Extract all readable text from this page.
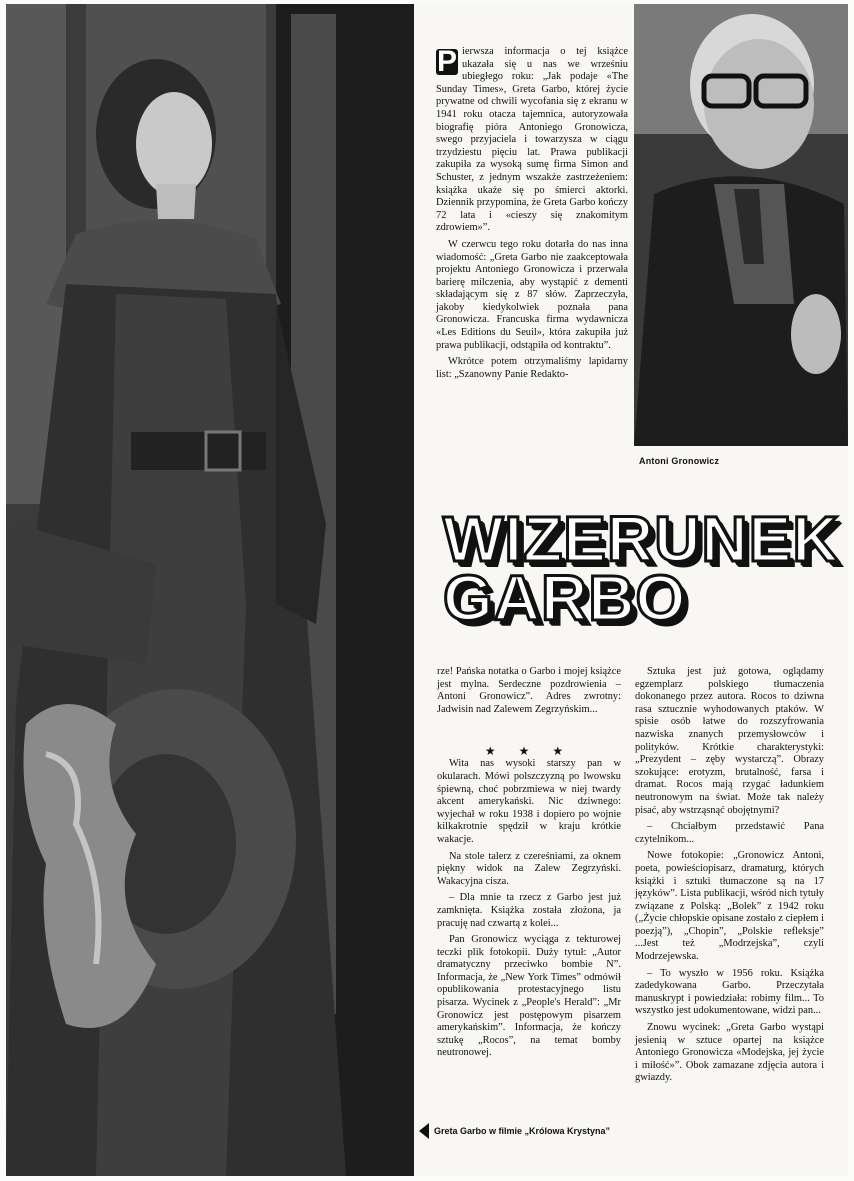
Antoni Gronowicz

P ierwsza informacja o tej książce ukazała się u nas we wrześniu ubiegłego roku: „Jak podaje «The Sunday Times», Greta Garbo, której życie prywatne od chwili wycofania się z ekranu w 1941 roku otacza tajemnica, autoryzowała biografię pióra Antoniego Gronowicza, swego przyjaciela i towarzysza w ciągu trzydziestu pięciu lat. Prawa publikacji zakupiła za wysoką sumę firma Simon and Schuster, z jednym wszakże zastrzeżeniem: książka ukaże się po śmierci aktorki. Dziennik przypomina, że Greta Garbo kończy 72 lata i «cieszy się znakomitym zdrowiem»”.

W czerwcu tego roku dotarła do nas inna wiadomość: „Greta Garbo nie zaakceptowała projektu Antoniego Gronowicza i przerwała barierę milczenia, aby wystąpić z dementi składającym się z 87 słów. Zaprzeczyła, jakoby kiedykolwiek poznała pana Gronowicza. Francuska firma wydawnicza «Les Editions du Seuil», która zakupiła już prawa publikacji, odstąpiła od kontraktu”.

Wkrótce potem otrzymaliśmy lapidarny list: „Szanowny Panie Redakto-

WIZERUNEK
GARBO

rze! Pańska notatka o Garbo i mojej książce jest mylna. Serdeczne pozdrowienia – Antoni Gronowicz”. Adres zwrotny: Jadwisin nad Zalewem Zegrzyńskim...

Wita nas wysoki starszy pan w okularach. Mówi polszczyzną po lwowsku śpiewną, choć pobrzmiewa w niej twardy akcent amerykański. Nic dziwnego: wyjechał w roku 1938 i dopiero po wojnie kilkakrotnie spędził w kraju krótkie wakacje.

Na stole talerz z czereśniami, za oknem piękny widok na Zalew Zegrzyński. Wakacyjna cisza.

– Dla mnie ta rzecz z Garbo jest już zamknięta. Książka została złożona, ja pracuję nad czwartą z kolei...

Pan Gronowicz wyciąga z tekturowej teczki plik fotokopii. Duży tytuł: „Autor dramatyczny przeciwko bombie N”. Informacja, że „New York Times” odmówił opublikowania protestacyjnego listu pisarza. Wycinek z „People's Herald”: „Mr Gronowicz jest postępowym pisarzem amerykańskim”. Informacja, że kończy sztukę „Rocos”, na temat bomby neutronowej.

★ ★ ★

Sztuka jest już gotowa, oglądamy egzemplarz polskiego tłumaczenia dokonanego przez autora. Rocos to dziwna rasa sztucznie wyhodowanych ptaków. W spisie osób łatwe do rozszyfrowania nazwiska znanych przemysłowców i polityków. Krótkie charakterystyki: „Prezydent – zęby wystarczą”. Obrazy szokujące: erotyzm, brutalność, farsa i dramat. Rocos mają rzygać ładunkiem neutronowym na świat. Może tak należy pisać, aby wstrząsnąć obojętnymi?

– Chciałbym przedstawić Pana czytelnikom...

Nowe fotokopie: „Gronowicz Antoni, poeta, powieściopisarz, dramaturg, których książki i sztuki tłumaczone są na 17 języków”. Lista publikacji, wśród nich tytuły związane z Polską: „Bolek” z 1942 roku („Życie chłopskie opisane zostało z ciepłem i poezją”), „Chopin”, „Polskie refleksje” ...Jest też „Modrzejska”, czyli Modrzejewska.

– To wyszło w 1956 roku. Książka zadedykowana Garbo. Przeczytała manuskrypt i powiedziała: robimy film... To wszystko jest udokumentowane, widzi pan...

Znowu wycinek: „Greta Garbo wystąpi jesienią w sztuce opartej na książce Antoniego Gronowicza «Modejska, jej życie i miłość»”. Obok zamazane zdjęcia autora i gwiazdy.

Greta Garbo w filmie „Królowa Krystyna”
